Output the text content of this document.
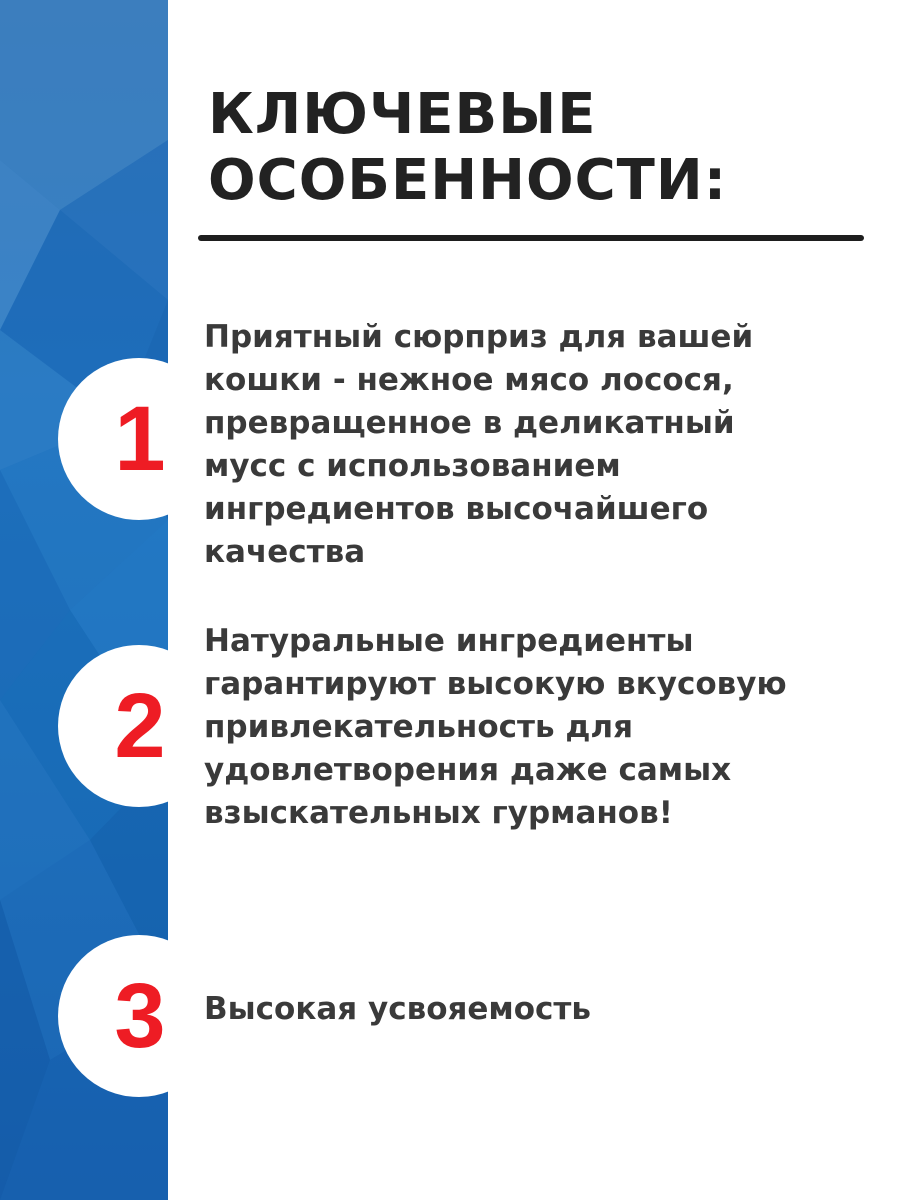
КЛЮЧЕВЫЕ
ОСОБЕННОСТИ:
1

Приятный сюрприз для вашей
кошки - нежное мясо лосося,
превращенное в деликатный
мусс с использованием
ингредиентов высочайшего
качества

2

Натуральные ингредиенты
гарантируют высокую вкусовую
привлекательность для
удовлетворения даже самых
взыскательных гурманов!

3 Высокая усвояемость
